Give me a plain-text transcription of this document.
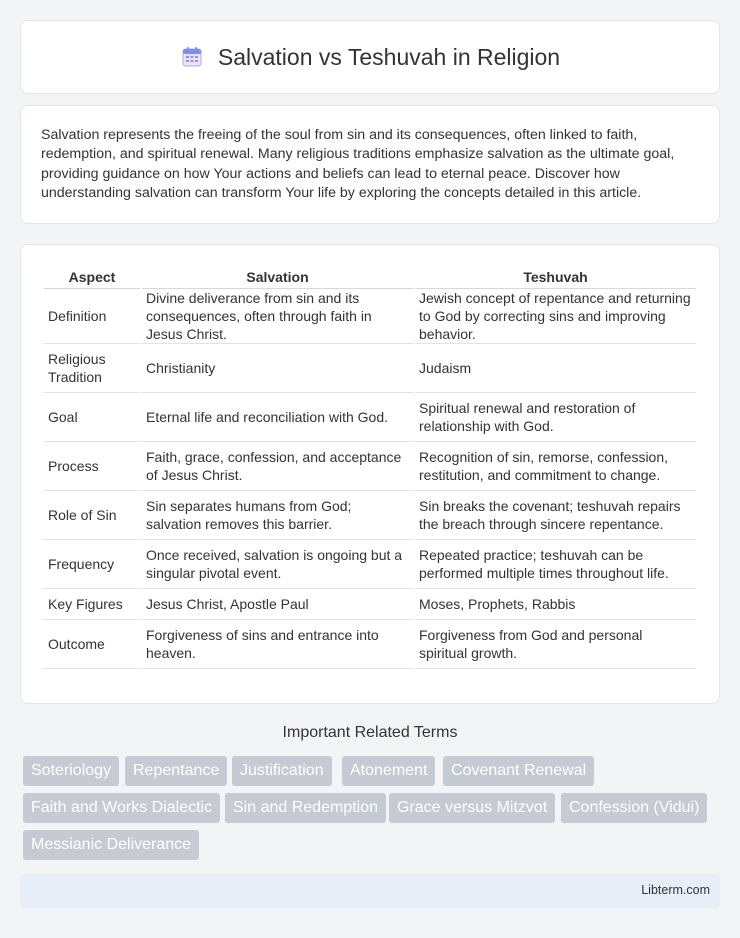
Salvation vs Teshuvah in Religion

Salvation represents the freeing of the soul from sin and its consequences, often linked to faith, redemption, and spiritual renewal. Many religious traditions emphasize salvation as the ultimate goal, providing guidance on how Your actions and beliefs can lead to eternal peace. Discover how understanding salvation can transform Your life by exploring the concepts detailed in this article.

Aspect	Salvation	Teshuvah
Definition	Divine deliverance from sin and its consequences, often through faith in Jesus Christ.	Jewish concept of repentance and returning to God by correcting sins and improving behavior.
Religious Tradition	Christianity	Judaism
Goal	Eternal life and reconciliation with God.	Spiritual renewal and restoration of relationship with God.
Process	Faith, grace, confession, and acceptance of Jesus Christ.	Recognition of sin, remorse, confession, restitution, and commitment to change.
Role of Sin	Sin separates humans from God; salvation removes this barrier.	Sin breaks the covenant; teshuvah repairs the breach through sincere repentance.
Frequency	Once received, salvation is ongoing but a singular pivotal event.	Repeated practice; teshuvah can be performed multiple times throughout life.
Key Figures	Jesus Christ, Apostle Paul	Moses, Prophets, Rabbis
Outcome	Forgiveness of sins and entrance into heaven.	Forgiveness from God and personal spiritual growth.
Important Related Terms
Soteriology	Repentance	Justification	Atonement	Covenant Renewal
Faith and Works Dialectic	Sin and Redemption	Grace versus Mitzvot	Confession (Vidui)
Messianic Deliverance
Libterm.com
